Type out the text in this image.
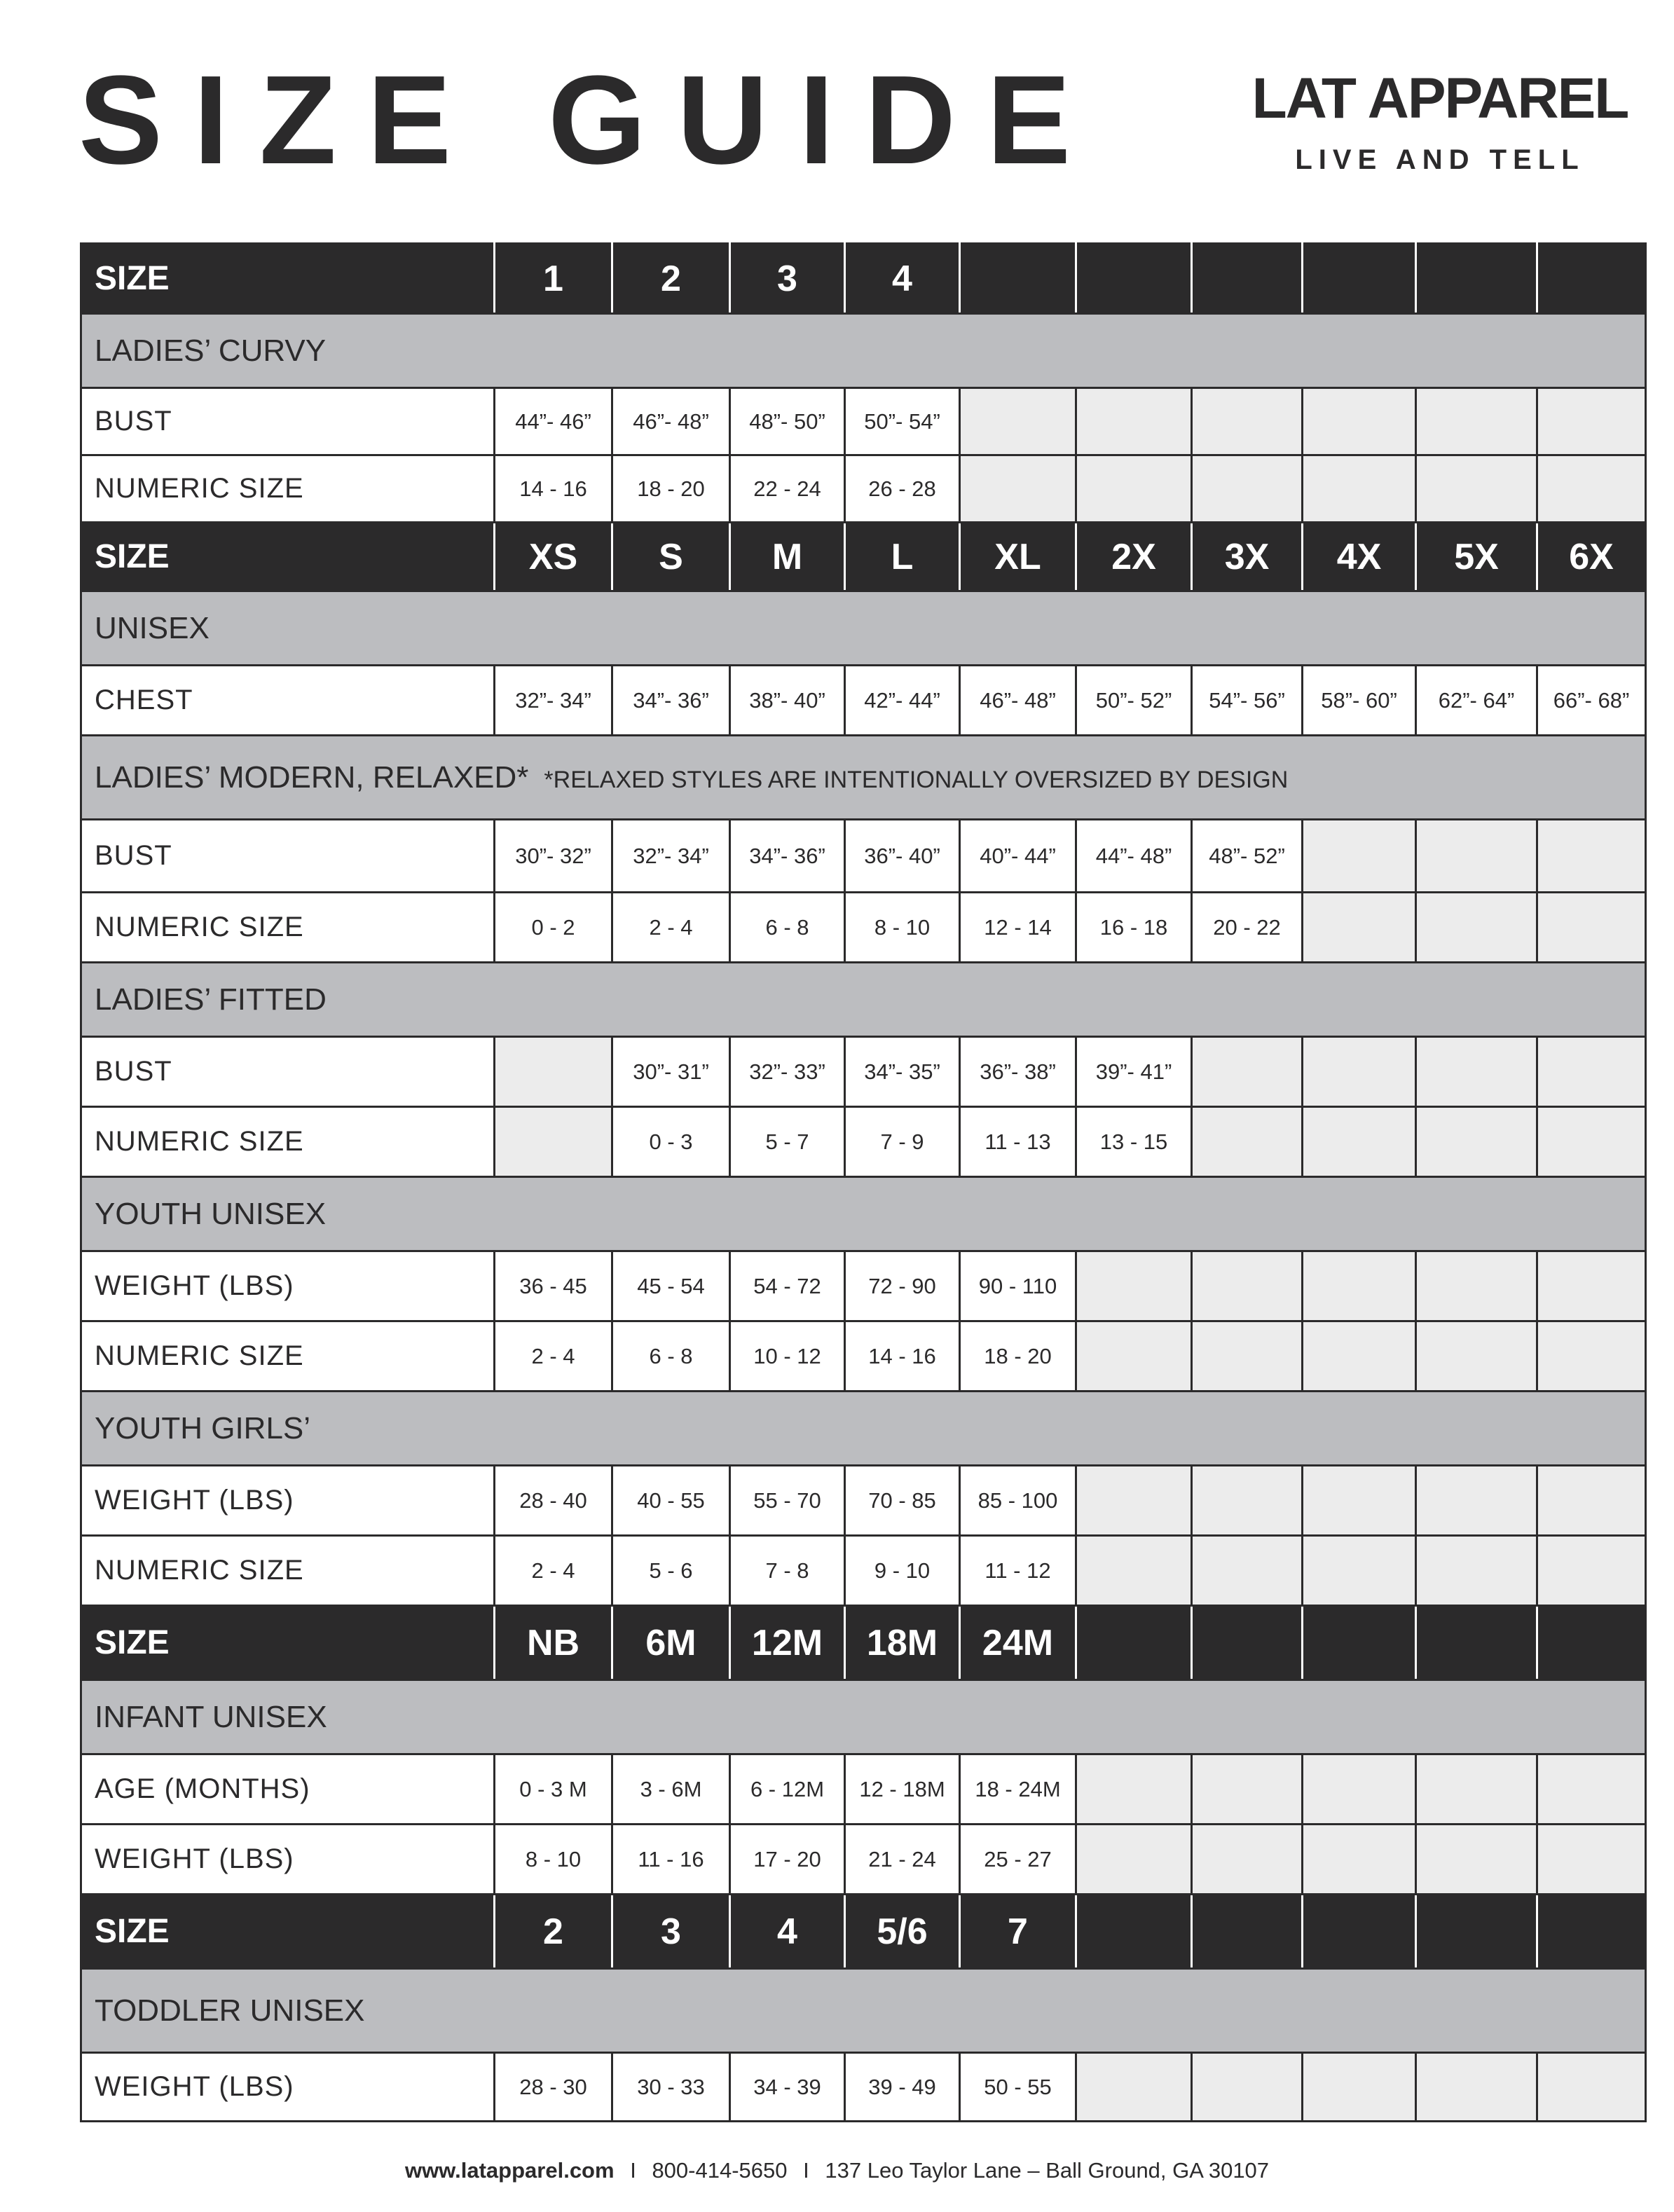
SIZE GUIDE	LAT APPAREL
LIVE AND TELL
SIZE	1	2	3	4						
LADIES’ CURVY										
BUST	44”- 46”	46”- 48”	48”- 50”	50”- 54”						
NUMERIC SIZE	14 - 16	18 - 20	22 - 24	26 - 28						
SIZE	XS	S	M	L	XL	2X	3X	4X	5X	6X
UNISEX										
CHEST	32”- 34”	34”- 36”	38”- 40”	42”- 44”	46”- 48”	50”- 52”	54”- 56”	58”- 60”	62”- 64”	66”- 68”
LADIES’ MODERN, RELAXED* *RELAXED STYLES ARE INTENTIONALLY OVERSIZED BY DESIGN										
BUST	30”- 32”	32”- 34”	34”- 36”	36”- 40”	40”- 44”	44”- 48”	48”- 52”			
NUMERIC SIZE	0 - 2	2 - 4	6 - 8	8 - 10	12 - 14	16 - 18	20 - 22			
LADIES’ FITTED										
BUST		30”- 31”	32”- 33”	34”- 35”	36”- 38”	39”- 41”				
NUMERIC SIZE		0 - 3	5 - 7	7 - 9	11 - 13	13 - 15				
YOUTH UNISEX										
WEIGHT (LBS)	36 - 45	45 - 54	54 - 72	72 - 90	90 - 110					
NUMERIC SIZE	2 - 4	6 - 8	10 - 12	14 - 16	18 - 20					
YOUTH GIRLS’										
WEIGHT (LBS)	28 - 40	40 - 55	55 - 70	70 - 85	85 - 100					
NUMERIC SIZE	2 - 4	5 - 6	7 - 8	9 - 10	11 - 12					
SIZE	NB	6M	12M	18M	24M					
INFANT UNISEX										
AGE (MONTHS)	0 - 3 M	3 - 6M	6 - 12M	12 - 18M	18 - 24M					
WEIGHT (LBS)	8 - 10	11 - 16	17 - 20	21 - 24	25 - 27					
SIZE	2	3	4	5/6	7					
TODDLER UNISEX										
WEIGHT (LBS)	28 - 30	30 - 33	34 - 39	39 - 49	50 - 55					
www.latapparel.com I 800-414-5650 I 137 Leo Taylor Lane – Ball Ground, GA 30107
